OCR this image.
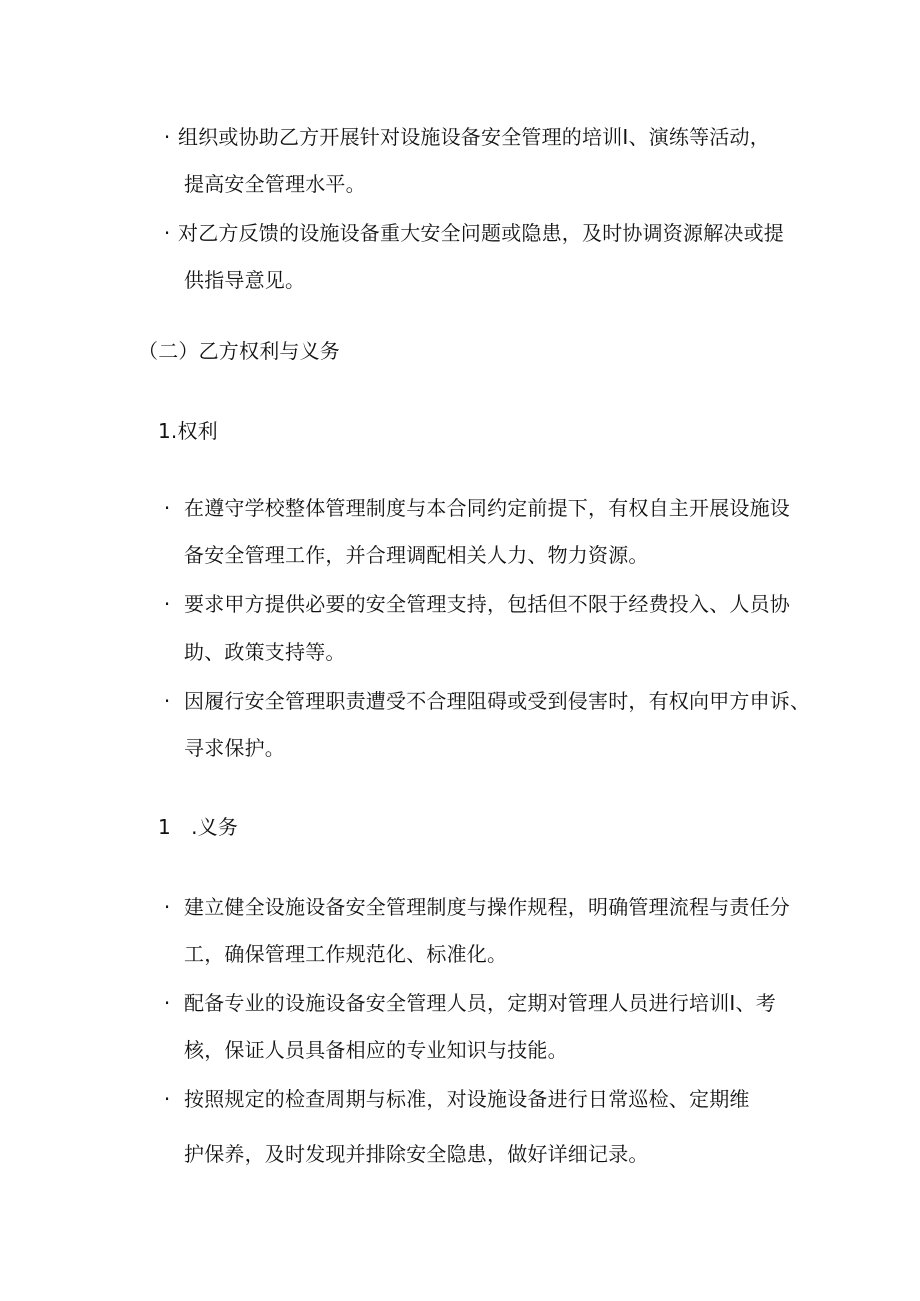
· 组织或协助乙方开展针对设施设备安全管理的培训I、演练等活动，
提高安全管理水平。
· 对乙方反馈的设施设备重大安全问题或隐患，及时协调资源解决或提
供指导意见。
（二）乙方权利与义务
1.权利
· 在遵守学校整体管理制度与本合同约定前提下，有权自主开展设施设
备安全管理工作，并合理调配相关人力、物力资源。
· 要求甲方提供必要的安全管理支持，包括但不限于经费投入、人员协
助、政策支持等。
· 因履行安全管理职责遭受不合理阻碍或受到侵害时，有权向甲方申诉、
寻求保护。
1　.义务
· 建立健全设施设备安全管理制度与操作规程，明确管理流程与责任分
工，确保管理工作规范化、标准化。
· 配备专业的设施设备安全管理人员，定期对管理人员进行培训I、考
核，保证人员具备相应的专业知识与技能。
· 按照规定的检查周期与标准，对设施设备进行日常巡检、定期维
护保养，及时发现并排除安全隐患，做好详细记录。
